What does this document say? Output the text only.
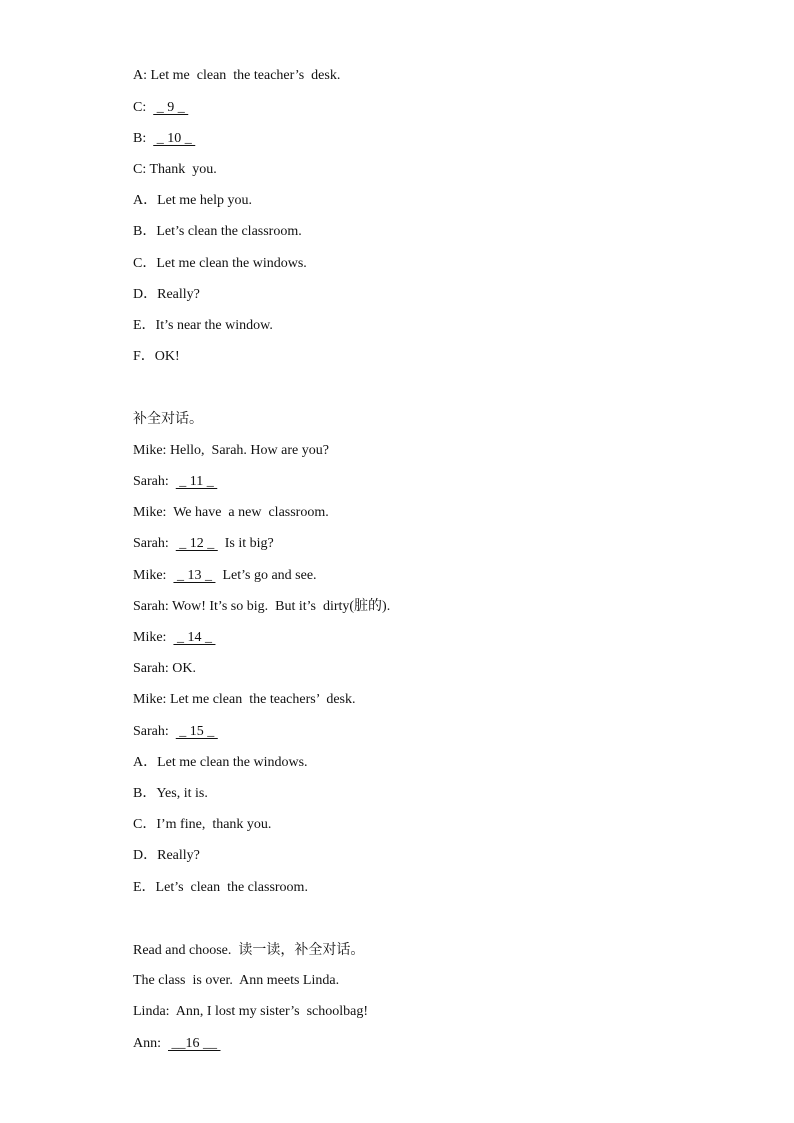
A: Let me  clean  the teacher’s  desk.
C:   _ 9 _
B:   _ 10 _
C: Thank  you.
A．Let me help you.
B．Let’s clean the classroom.
C．Let me clean the windows.
D．Really?
E．It’s near the window.
F．OK!
补全对话。
Mike: Hello,  Sarah. How are you?
Sarah:   _ 11 _
Mike:  We have  a new  classroom.
Sarah:   _ 12 _   Is it big?
Mike:   _ 13 _   Let’s go and see.
Sarah: Wow! It’s so big.  But it’s  dirty(脏的).
Mike:   _ 14 _
Sarah: OK.
Mike: Let me clean  the teachers’  desk.
Sarah:   _ 15 _
A．Let me clean the windows.
B．Yes, it is.
C．I’m fine,  thank you.
D．Really?
E．Let’s  clean  the classroom.
Read and choose.  读一读，补全对话。
The class  is over.  Ann meets Linda.
Linda:  Ann, I lost my sister’s  schoolbag!
Ann:   __16 __
